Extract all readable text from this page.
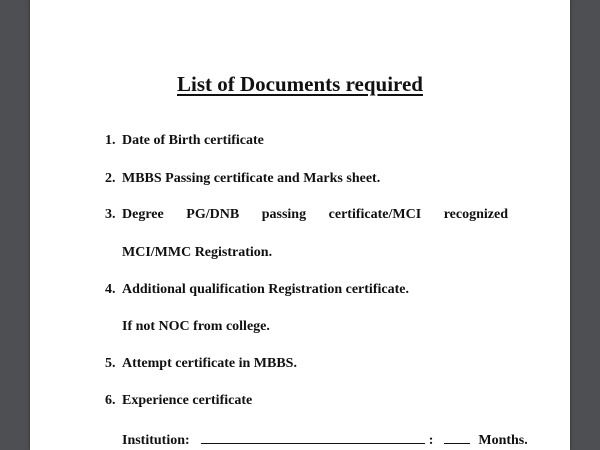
List of Documents required
1. Date of Birth certificate
2. MBBS Passing certificate and Marks sheet.
3. Degree PG/DNB passing certificate/MCI recognized
MCI/MMC Registration.
4. Additional qualification Registration certificate.
If not NOC from college.
5. Attempt certificate in MBBS.
6. Experience certificate
Institution:	:	Months.
